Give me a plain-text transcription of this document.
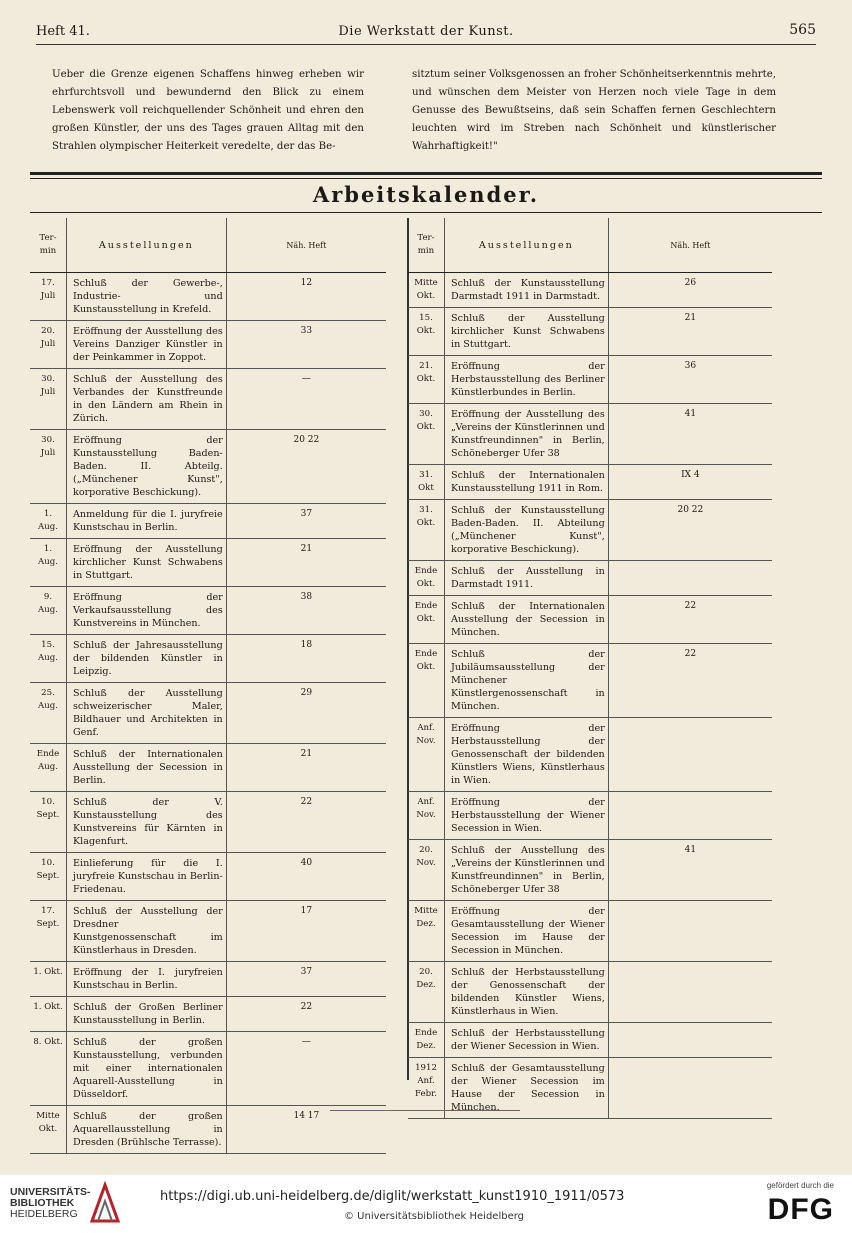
Heft 41.	Die Werkstatt der Kunst.	565
Ueber die Grenze eigenen Schaffens hinweg erheben wir ehrfurchtsvoll und bewundernd den Blick zu einem Lebenswerk voll reichquellender Schönheit und ehren den großen Künstler, der uns des Tages grauen Alltag mit den Strahlen olympischer Heiterkeit veredelte, der das Be-
sitztum seiner Volksgenossen an froher Schönheitserkenntnis mehrte, und wünschen dem Meister von Herzen noch viele Tage in dem Genusse des Bewußtseins, daß sein Schaffen fernen Geschlechtern leuchten wird im Streben nach Schönheit und künstlerischer Wahrhaftigkeit!"
Arbeitskalender.
Ter-min	Ausstellungen	Näh. Heft
17. Juli	Schluß der Gewerbe-, Industrie- und Kunstausstellung in Krefeld.	12
20. Juli	Eröffnung der Ausstellung des Vereins Danziger Künstler in der Peinkammer in Zoppot.	33
30. Juli	Schluß der Ausstellung des Verbandes der Kunstfreunde in den Ländern am Rhein in Zürich.	—
30. Juli	Eröffnung der Kunstausstellung Baden-Baden. II. Abteilg. („Münchener Kunst", korporative Beschickung).	20 22
1. Aug.	Anmeldung für die I. juryfreie Kunstschau in Berlin.	37
1. Aug.	Eröffnung der Ausstellung kirchlicher Kunst Schwabens in Stuttgart.	21
9. Aug.	Eröffnung der Verkaufsausstellung des Kunstvereins in München.	38
15. Aug.	Schluß der Jahresausstellung der bildenden Künstler in Leipzig.	18
25. Aug.	Schluß der Ausstellung schweizerischer Maler, Bildhauer und Architekten in Genf.	29
Ende Aug.	Schluß der Internationalen Ausstellung der Secession in Berlin.	21
10. Sept.	Schluß der V. Kunstausstellung des Kunstvereins für Kärnten in Klagenfurt.	22
10. Sept.	Einlieferung für die I. juryfreie Kunstschau in Berlin-Friedenau.	40
17. Sept.	Schluß der Ausstellung der Dresdner Kunstgenossenschaft im Künstlerhaus in Dresden.	17
1. Okt.	Eröffnung der I. juryfreien Kunstschau in Berlin.	37
1. Okt.	Schluß der Großen Berliner Kunstausstellung in Berlin.	22
8. Okt.	Schluß der großen Kunstausstellung, verbunden mit einer internationalen Aquarell-Ausstellung in Düsseldorf.	—
Mitte Okt.	Schluß der großen Aquarellausstellung in Dresden (Brühlsche Terrasse).	14 17
Ter-min	Ausstellungen	Näh. Heft
Mitte Okt.	Schluß der Kunstausstellung Darmstadt 1911 in Darmstadt.	26
15. Okt.	Schluß der Ausstellung kirchlicher Kunst Schwabens in Stuttgart.	21
21. Okt.	Eröffnung der Herbstausstellung des Berliner Künstlerbundes in Berlin.	36
30. Okt.	Eröffnung der Ausstellung des „Vereins der Künstlerinnen und Kunstfreundinnen" in Berlin, Schöneberger Ufer 38	41
31. Okt	Schluß der Internationalen Kunstausstellung 1911 in Rom.	IX 4
31. Okt.	Schluß der Kunstausstellung Baden-Baden. II. Abteilung („Münchener Kunst", korporative Beschickung).	20 22
Ende Okt.	Schluß der Ausstellung in Darmstadt 1911.	
Ende Okt.	Schluß der Internationalen Ausstellung der Secession in München.	22
Ende Okt.	Schluß der Jubiläumsausstellung der Münchener Künstlergenossenschaft in München.	22
Anf. Nov.	Eröffnung der Herbstausstellung der Genossenschaft der bildenden Künstlers Wiens, Künstlerhaus in Wien.	
Anf. Nov.	Eröffnung der Herbstausstellung der Wiener Secession in Wien.	
20. Nov.	Schluß der Ausstellung des „Vereins der Künstlerinnen und Kunstfreundinnen" in Berlin, Schöneberger Ufer 38	41
Mitte Dez.	Eröffnung der Gesamtausstellung der Wiener Secession im Hause der Secession in München.	
20. Dez.	Schluß der Herbstausstellung der Genossenschaft der bildenden Künstler Wiens, Künstlerhaus in Wien.	
Ende Dez.	Schluß der Herbstausstellung der Wiener Secession in Wien.	
1912 Anf. Febr.	Schluß der Gesamtausstellung der Wiener Secession im Hause der Secession in München.	
UNIVERSITÄTS-
BIBLIOTHEK
HEIDELBERG
https://digi.ub.uni-heidelberg.de/diglit/werkstatt_kunst1910_1911/0573
© Universitätsbibliothek Heidelberg
gefördert durch die
DFG
